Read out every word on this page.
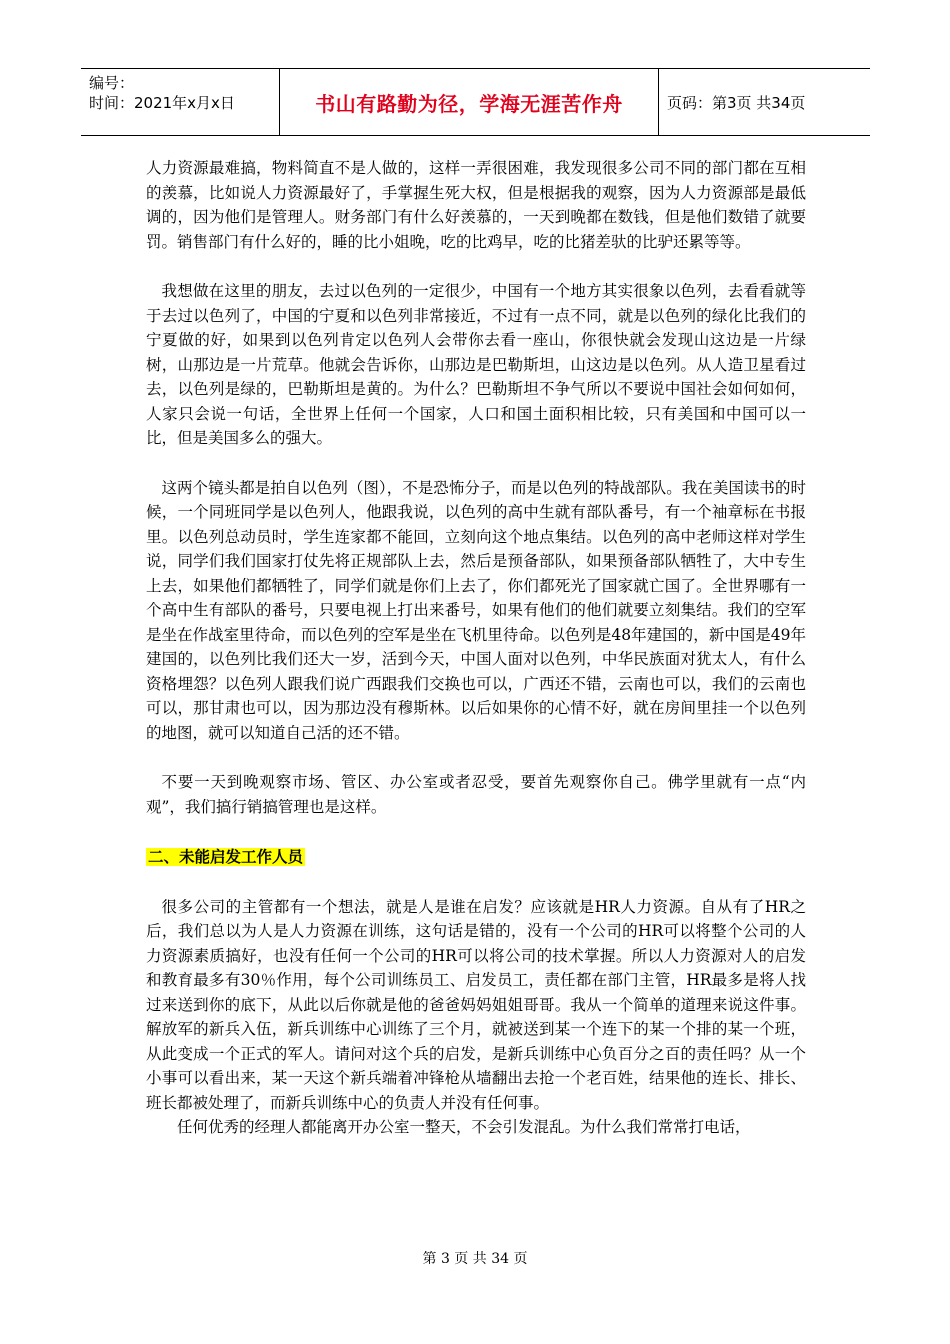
编号：
时间：2021年x月x日	书山有路勤为径，学海无涯苦作舟	页码：第3页 共34页

人力资源最难搞，物料简直不是人做的，这样一弄很困难，我发现很多公司不同的部门都在互相的羡慕，比如说人力资源最好了，手掌握生死大权，但是根据我的观察，因为人力资源部是最低调的，因为他们是管理人。财务部门有什么好羡慕的，一天到晚都在数钱，但是他们数错了就要罚。销售部门有什么好的，睡的比小姐晚，吃的比鸡早，吃的比猪差驮的比驴还累等等。

我想做在这里的朋友，去过以色列的一定很少，中国有一个地方其实很象以色列，去看看就等于去过以色列了，中国的宁夏和以色列非常接近，不过有一点不同，就是以色列的绿化比我们的宁夏做的好，如果到以色列肯定以色列人会带你去看一座山，你很快就会发现山这边是一片绿树，山那边是一片荒草。他就会告诉你，山那边是巴勒斯坦，山这边是以色列。从人造卫星看过去，以色列是绿的，巴勒斯坦是黄的。为什么？巴勒斯坦不争气所以不要说中国社会如何如何，人家只会说一句话，全世界上任何一个国家，人口和国土面积相比较，只有美国和中国可以一比，但是美国多么的强大。

这两个镜头都是拍自以色列（图），不是恐怖分子，而是以色列的特战部队。我在美国读书的时候，一个同班同学是以色列人，他跟我说，以色列的高中生就有部队番号，有一个袖章标在书报里。以色列总动员时，学生连家都不能回，立刻向这个地点集结。以色列的高中老师这样对学生说，同学们我们国家打仗先将正规部队上去，然后是预备部队，如果预备部队牺牲了，大中专生上去，如果他们都牺牲了，同学们就是你们上去了，你们都死光了国家就亡国了。全世界哪有一个高中生有部队的番号，只要电视上打出来番号，如果有他们的他们就要立刻集结。我们的空军是坐在作战室里待命，而以色列的空军是坐在飞机里待命。以色列是48年建国的，新中国是49年建国的，以色列比我们还大一岁，活到今天，中国人面对以色列，中华民族面对犹太人，有什么资格埋怨？以色列人跟我们说广西跟我们交换也可以，广西还不错，云南也可以，我们的云南也可以，那甘肃也可以，因为那边没有穆斯林。以后如果你的心情不好，就在房间里挂一个以色列的地图，就可以知道自己活的还不错。

不要一天到晚观察市场、管区、办公室或者忍受，要首先观察你自己。佛学里就有一点“内观”，我们搞行销搞管理也是这样。

二、未能启发工作人员

很多公司的主管都有一个想法，就是人是谁在启发？应该就是HR人力资源。自从有了HR之后，我们总以为人是人力资源在训练，这句话是错的，没有一个公司的HR可以将整个公司的人力资源素质搞好，也没有任何一个公司的HR可以将公司的技术掌握。所以人力资源对人的启发和教育最多有30％作用，每个公司训练员工、启发员工，责任都在部门主管，HR最多是将人找过来送到你的底下，从此以后你就是他的爸爸妈妈姐姐哥哥。我从一个简单的道理来说这件事。解放军的新兵入伍，新兵训练中心训练了三个月，就被送到某一个连下的某一个排的某一个班，从此变成一个正式的军人。请问对这个兵的启发，是新兵训练中心负百分之百的责任吗？从一个小事可以看出来，某一天这个新兵端着冲锋枪从墙翻出去抢一个老百姓，结果他的连长、排长、班长都被处理了，而新兵训练中心的负责人并没有任何事。

任何优秀的经理人都能离开办公室一整天，不会引发混乱。为什么我们常常打电话，

第 3 页 共 34 页
